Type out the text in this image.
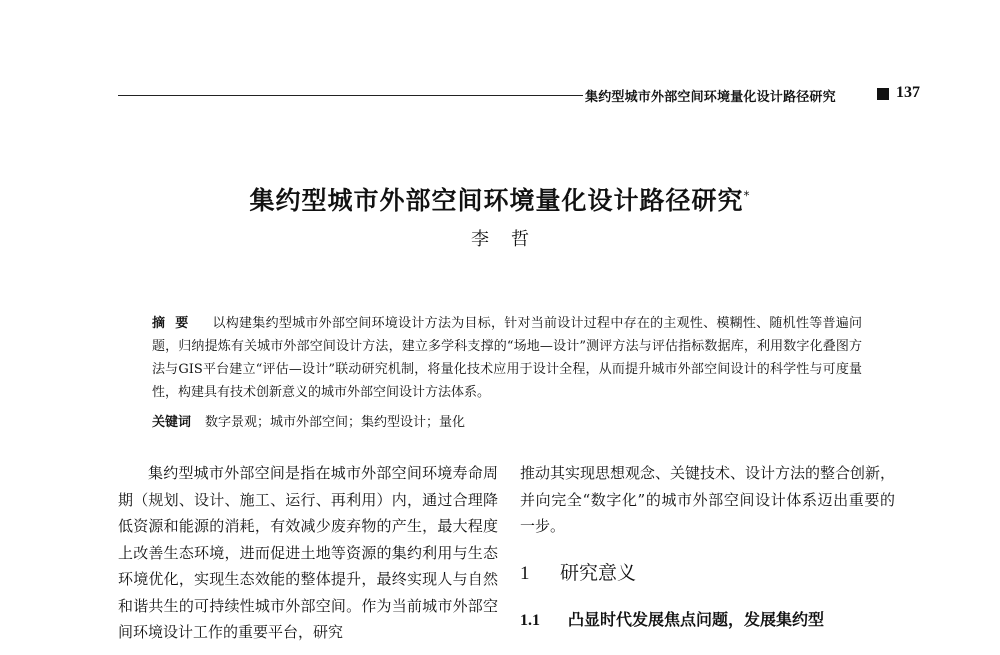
集约型城市外部空间环境量化设计路径研究	137
集约型城市外部空间环境量化设计路径研究*
李哲
摘要 以构建集约型城市外部空间环境设计方法为目标，针对当前设计过程中存在的主观性、模糊性、随机性等普遍问题，归纳提炼有关城市外部空间设计方法，建立多学科支撑的“场地—设计”测评方法与评估指标数据库，利用数字化叠图方法与GIS平台建立“评估—设计”联动研究机制，将量化技术应用于设计全程，从而提升城市外部空间设计的科学性与可度量性，构建具有技术创新意义的城市外部空间设计方法体系。
关键词 数字景观；城市外部空间；集约型设计；量化

集约型城市外部空间是指在城市外部空间环境寿命周期（规划、设计、施工、运行、再利用）内，通过合理降低资源和能源的消耗，有效减少废弃物的产生，最大程度上改善生态环境，进而促进土地等资源的集约利用与生态环境优化，实现生态效能的整体提升，最终实现人与自然和谐共生的可持续性城市外部空间。作为当前城市外部空间环境设计工作的重要平台，研究

推动其实现思想观念、关键技术、设计方法的整合创新，并向完全“数字化”的城市外部空间设计体系迈出重要的一步。

1 研究意义
1.1 凸显时代发展焦点问题，发展集约型
